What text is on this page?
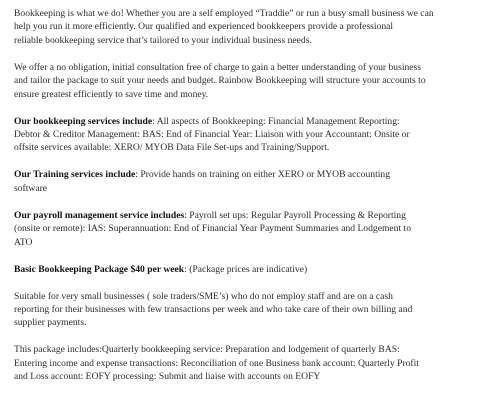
Bookkeeping is what we do! Whether you are a self employed “Traddie” or run a busy small business we can
help you run it more efficiently. Our qualified and experienced bookkeepers provide a professional
reliable bookkeeping service that’s tailored to your individual business needs.

We offer a no obligation, initial consultation free of charge to gain a better understanding of your business
and tailor the package to suit your needs and budget. Rainbow Bookkeeping will structure your accounts to
ensure greatest efficiently to save time and money.

Our bookkeeping services include: All aspects of Bookkeeping: Financial Management Reporting:
Debtor & Creditor Management: BAS: End of Financial Year: Liaison with your Accountant: Onsite or
offsite services available: XERO/ MYOB Data File Set-ups and Training/Support.

Our Training services include: Provide hands on training on either XERO or MYOB accounting
software

Our payroll management service includes: Payroll set ups: Regular Payroll Processing & Reporting
(onsite or remote): IAS: Superannuation: End of Financial Year Payment Summaries and Lodgement to
ATO

Basic Bookkeeping Package $40 per week: (Package prices are indicative)

Suitable for very small businesses ( sole traders/SME’s) who do not employ staff and are on a cash
reporting for their businesses with few transactions per week and who take care of their own billing and
supplier payments.

This package includes:Quarterly bookkeeping service: Preparation and lodgement of quarterly BAS:
Entering income and expense transactions: Reconciliation of one Business bank account: Quarterly Profit
and Loss account: EOFY processing: Submit and liaise with accounts on EOFY
